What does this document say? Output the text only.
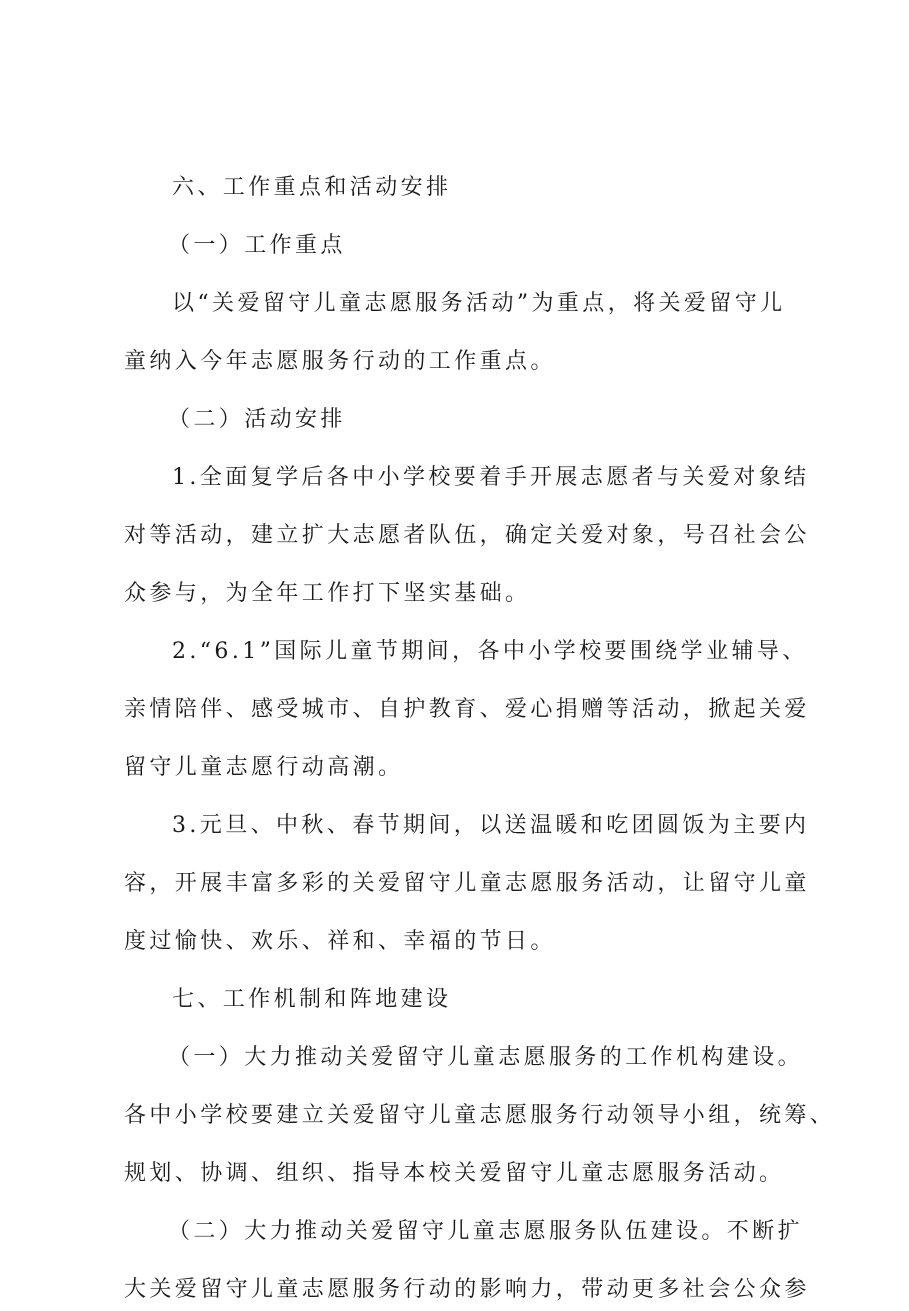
六、工作重点和活动安排
（一）工作重点
以“关爱留守儿童志愿服务活动”为重点，将关爱留守儿
童纳入今年志愿服务行动的工作重点。
（二）活动安排
1.全面复学后各中小学校要着手开展志愿者与关爱对象结
对等活动，建立扩大志愿者队伍，确定关爱对象，号召社会公
众参与，为全年工作打下坚实基础。
2.“6.1”国际儿童节期间，各中小学校要围绕学业辅导、
亲情陪伴、感受城市、自护教育、爱心捐赠等活动，掀起关爱
留守儿童志愿行动高潮。
3.元旦、中秋、春节期间，以送温暖和吃团圆饭为主要内
容，开展丰富多彩的关爱留守儿童志愿服务活动，让留守儿童
度过愉快、欢乐、祥和、幸福的节日。
七、工作机制和阵地建设
（一）大力推动关爱留守儿童志愿服务的工作机构建设。
各中小学校要建立关爱留守儿童志愿服务行动领导小组，统筹、
规划、协调、组织、指导本校关爱留守儿童志愿服务活动。
（二）大力推动关爱留守儿童志愿服务队伍建设。不断扩
大关爱留守儿童志愿服务行动的影响力，带动更多社会公众参
